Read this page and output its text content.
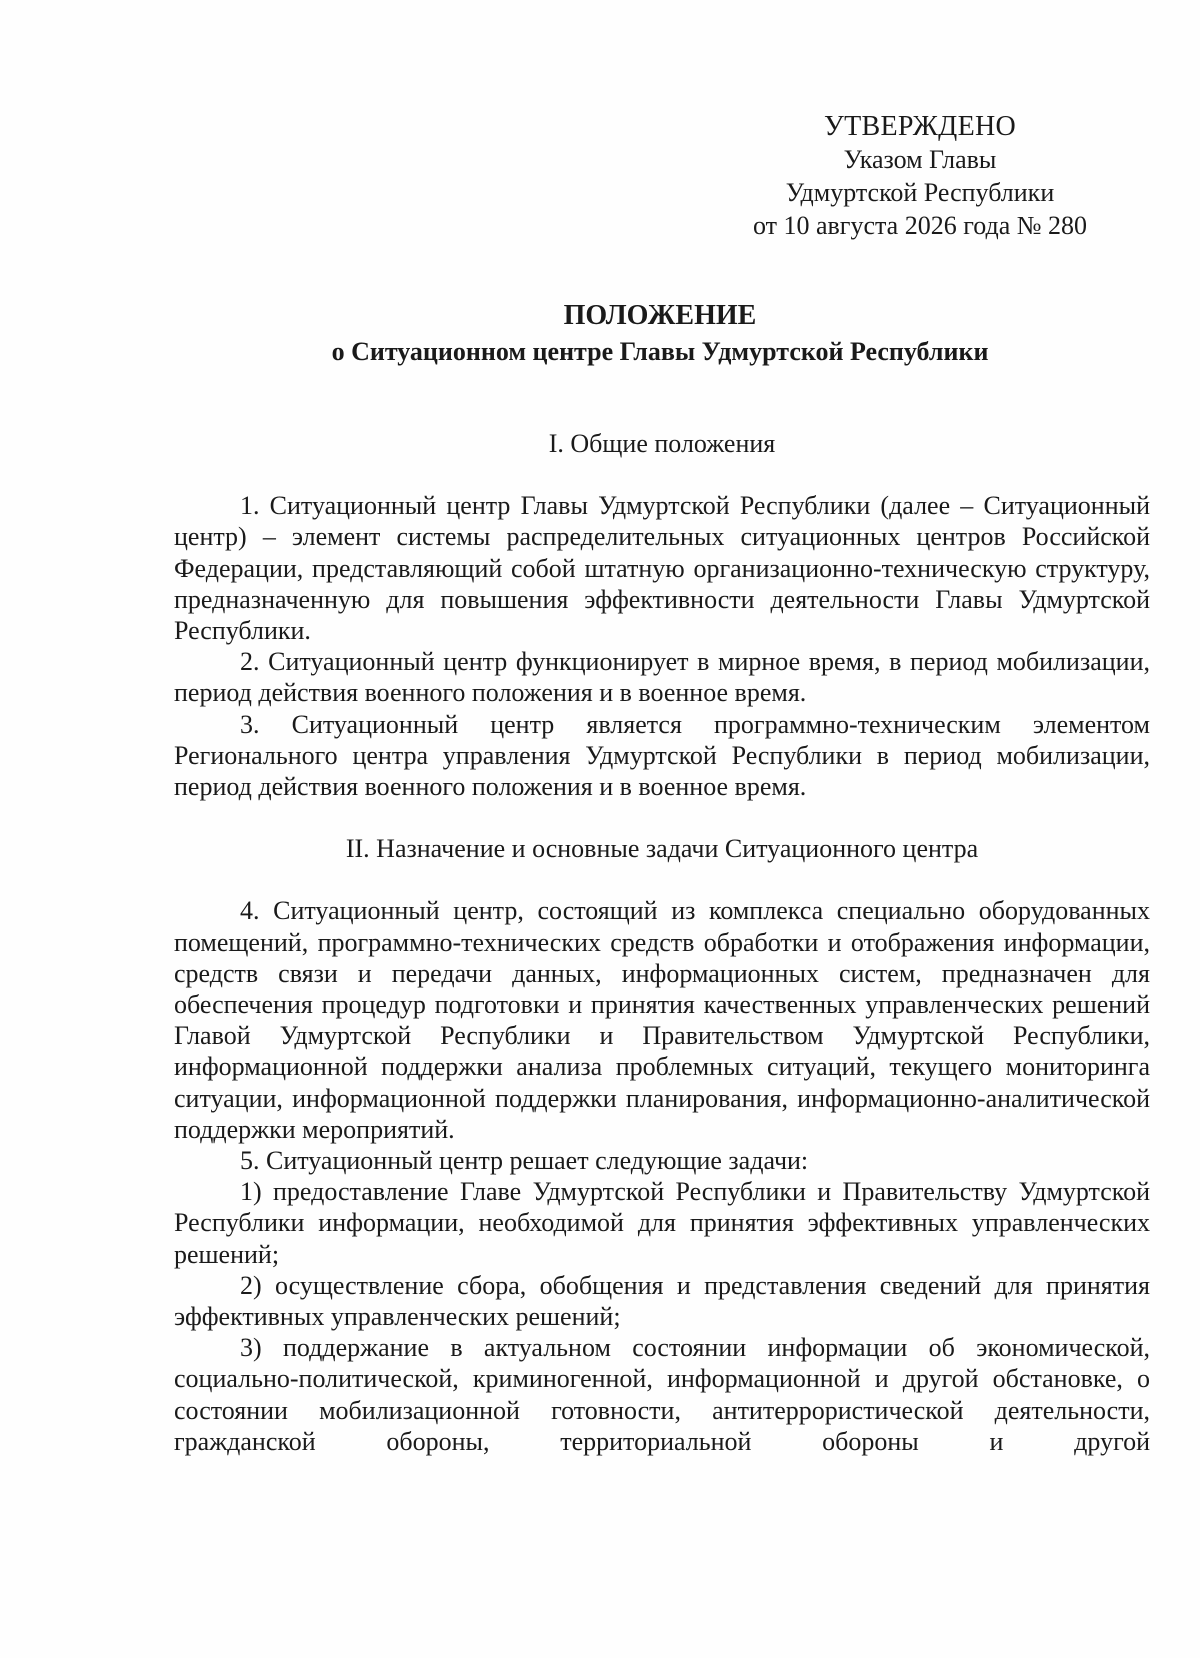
УТВЕРЖДЕНО
Указом Главы
Удмуртской Республики
от 10 августа 2026 года № 280
ПОЛОЖЕНИЕ
о Ситуационном центре Главы Удмуртской Республики
I. Общие положения

1. Ситуационный центр Главы Удмуртской Республики (далее – Ситуационный центр) – элемент системы распределительных ситуационных центров Российской Федерации, представляющий собой штатную организационно-техническую структуру, предназначенную для повышения эффективности деятельности Главы Удмуртской Республики.

2. Ситуационный центр функционирует в мирное время, в период мобилизации, период действия военного положения и в военное время.

3. Ситуационный центр является программно-техническим элементом Регионального центра управления Удмуртской Республики в период мобилизации, период действия военного положения и в военное время.

II. Назначение и основные задачи Ситуационного центра

4. Ситуационный центр, состоящий из комплекса специально оборудованных помещений, программно-технических средств обработки и отображения информации, средств связи и передачи данных, информационных систем, предназначен для обеспечения процедур подготовки и принятия качественных управленческих решений Главой Удмуртской Республики и Правительством Удмуртской Республики, информационной поддержки анализа проблемных ситуаций, текущего мониторинга ситуации, информационной поддержки планирования, информационно-аналитической поддержки мероприятий.

5. Ситуационный центр решает следующие задачи:

1) предоставление Главе Удмуртской Республики и Правительству Удмуртской Республики информации, необходимой для принятия эффективных управленческих решений;

2) осуществление сбора, обобщения и представления сведений для принятия эффективных управленческих решений;

3) поддержание в актуальном состоянии информации об экономической, социально-политической, криминогенной, информационной и другой обстановке, о состоянии мобилизационной готовности, антитеррористической деятельности, гражданской обороны, территориальной обороны и другой
